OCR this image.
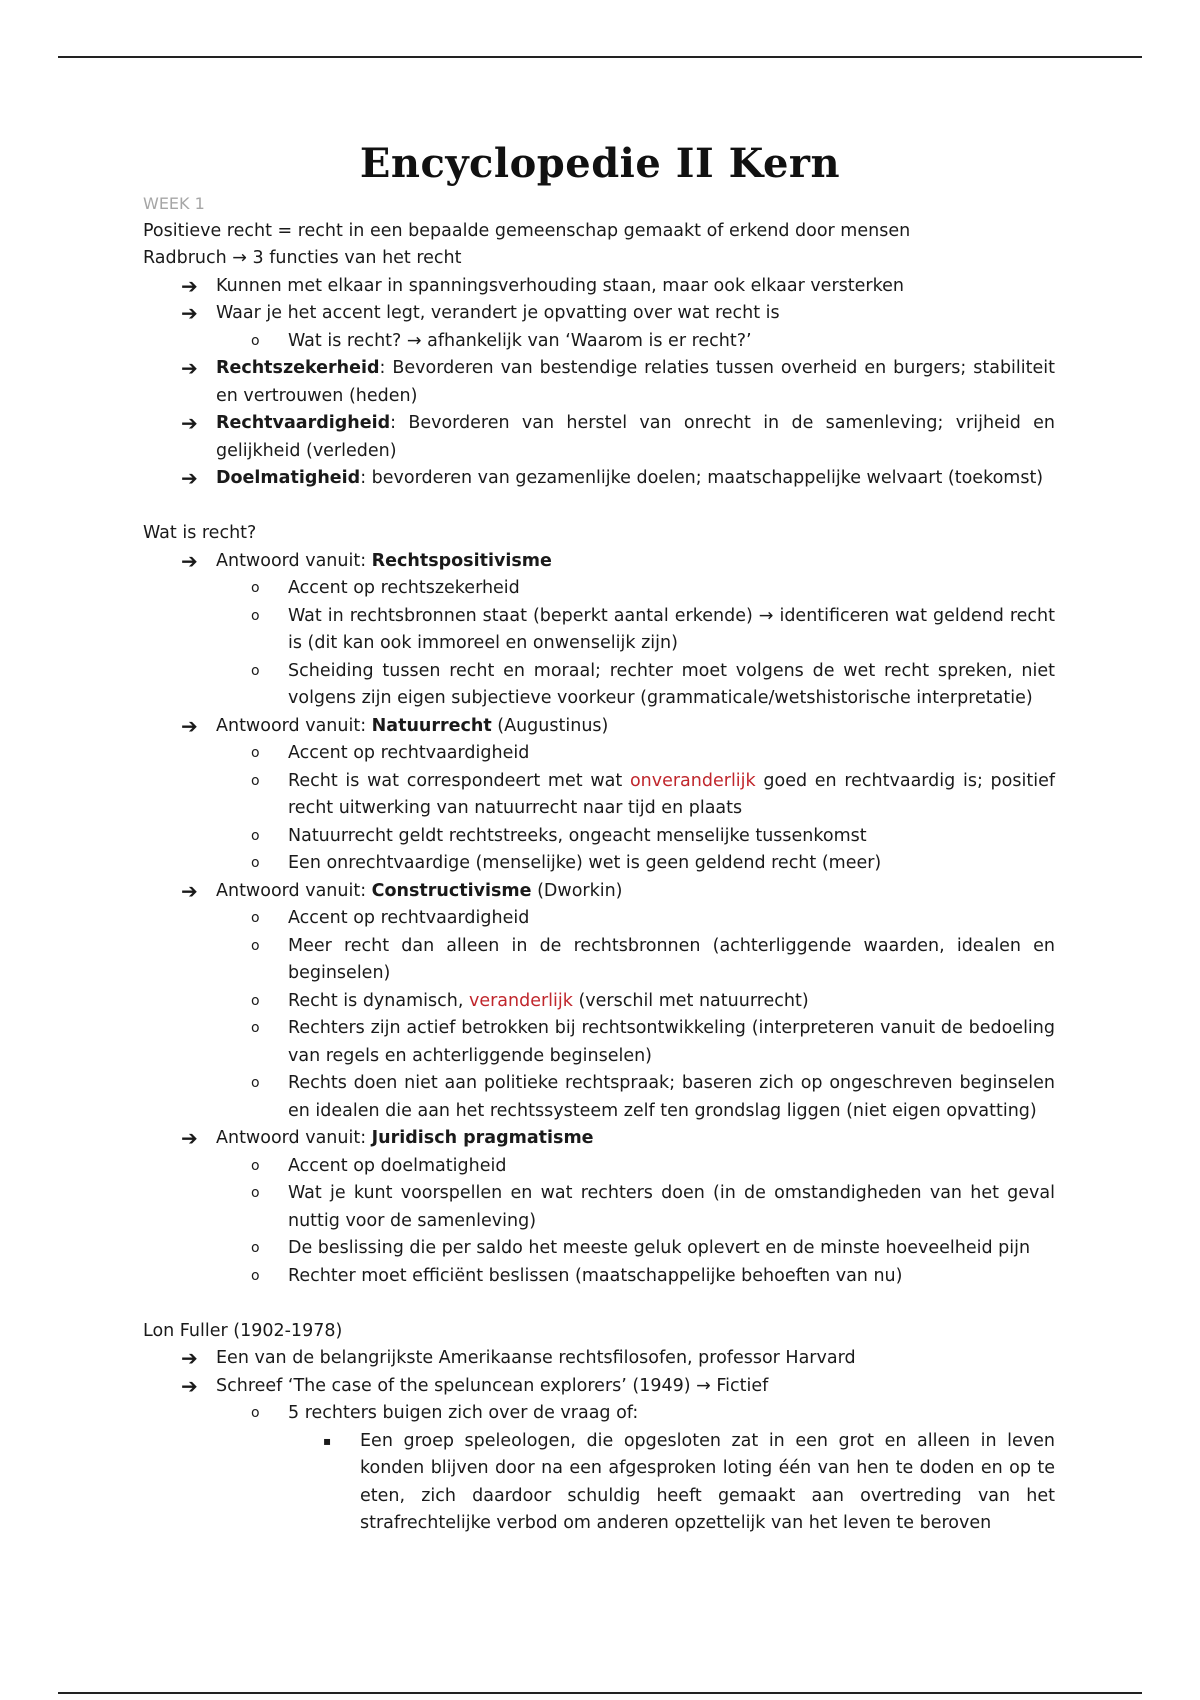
Encyclopedie II Kern
WEEK 1
Positieve recht = recht in een bepaalde gemeenschap gemaakt of erkend door mensen
Radbruch → 3 functies van het recht
➔ Kunnen met elkaar in spanningsverhouding staan, maar ook elkaar versterken
➔ Waar je het accent legt, verandert je opvatting over wat recht is
o Wat is recht? → afhankelijk van ‘Waarom is er recht?’
➔ Rechtszekerheid: Bevorderen van bestendige relaties tussen overheid en burgers; stabiliteit en vertrouwen (heden)
➔ Rechtvaardigheid: Bevorderen van herstel van onrecht in de samenleving; vrijheid en gelijkheid (verleden)
➔ Doelmatigheid: bevorderen van gezamenlijke doelen; maatschappelijke welvaart (toekomst)
Wat is recht?
➔ Antwoord vanuit: Rechtspositivisme
o Accent op rechtszekerheid
o Wat in rechtsbronnen staat (beperkt aantal erkende) → identificeren wat geldend recht is (dit kan ook immoreel en onwenselijk zijn)
o Scheiding tussen recht en moraal; rechter moet volgens de wet recht spreken, niet volgens zijn eigen subjectieve voorkeur (grammaticale/wetshistorische interpretatie)
➔ Antwoord vanuit: Natuurrecht (Augustinus)
o Accent op rechtvaardigheid
o Recht is wat correspondeert met wat onveranderlijk goed en rechtvaardig is; positief recht uitwerking van natuurrecht naar tijd en plaats
o Natuurrecht geldt rechtstreeks, ongeacht menselijke tussenkomst
o Een onrechtvaardige (menselijke) wet is geen geldend recht (meer)
➔ Antwoord vanuit: Constructivisme (Dworkin)
o Accent op rechtvaardigheid
o Meer recht dan alleen in de rechtsbronnen (achterliggende waarden, idealen en beginselen)
o Recht is dynamisch, veranderlijk (verschil met natuurrecht)
o Rechters zijn actief betrokken bij rechtsontwikkeling (interpreteren vanuit de bedoeling van regels en achterliggende beginselen)
o Rechts doen niet aan politieke rechtspraak; baseren zich op ongeschreven beginselen en idealen die aan het rechtssysteem zelf ten grondslag liggen (niet eigen opvatting)
➔ Antwoord vanuit: Juridisch pragmatisme
o Accent op doelmatigheid
o Wat je kunt voorspellen en wat rechters doen (in de omstandigheden van het geval nuttig voor de samenleving)
o De beslissing die per saldo het meeste geluk oplevert en de minste hoeveelheid pijn
o Rechter moet efficiënt beslissen (maatschappelijke behoeften van nu)
Lon Fuller (1902-1978)
➔ Een van de belangrijkste Amerikaanse rechtsfilosofen, professor Harvard
➔ Schreef ‘The case of the speluncean explorers’ (1949) → Fictief
o 5 rechters buigen zich over de vraag of:
▪ Een groep speleologen, die opgesloten zat in een grot en alleen in leven konden blijven door na een afgesproken loting één van hen te doden en op te eten, zich daardoor schuldig heeft gemaakt aan overtreding van het strafrechtelijke verbod om anderen opzettelijk van het leven te beroven
